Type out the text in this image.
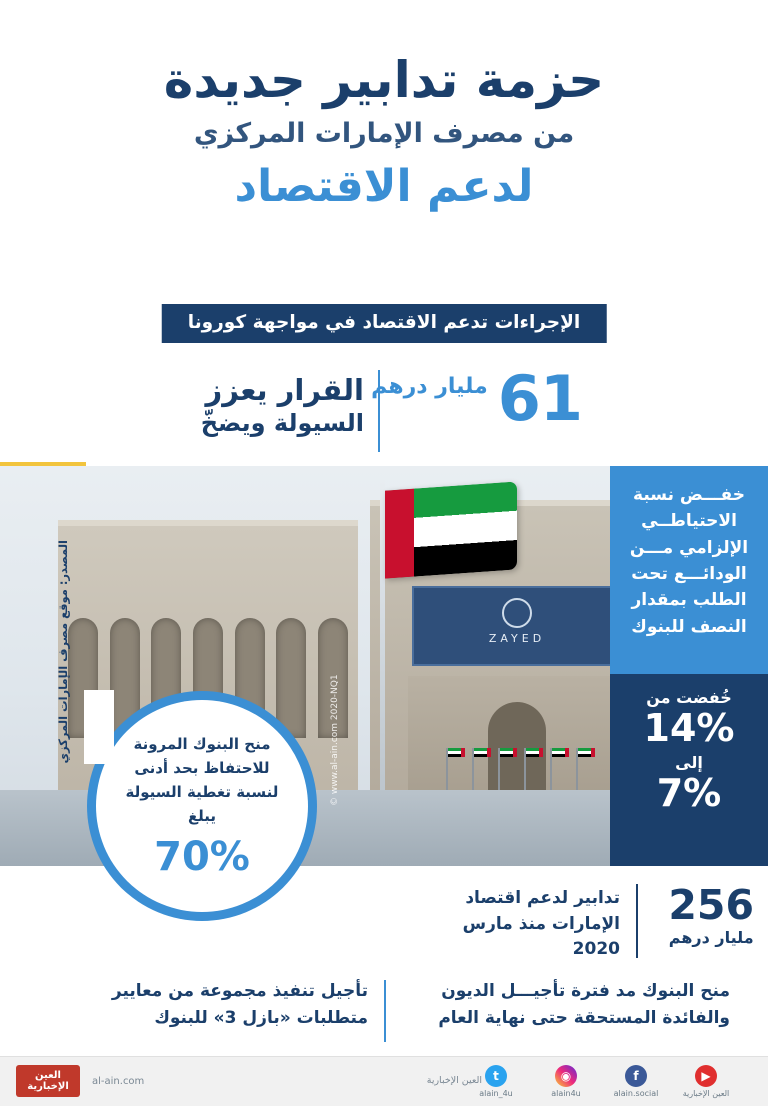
حزمة تدابير جديدة
من مصرف الإمارات المركزي
لدعم الاقتصاد
الإجراءات تدعم الاقتصاد في مواجهة كورونا
القرار يعزز
السيولة ويضخّ 61
مليار درهم
ZAYED
© www.al-ain.com 2020-NQ1
المصدر: موقع مصرف الإمارات المركزي
خفـــض نسبة الاحتياطــي الإلزامي مـــن الودائـــع تحت الطلب بمقدار النصف للبنوك
خُفضت من
14%
إلى
7%
منح البنوك المرونة للاحتفاظ بحد أدنى لنسبة تغطية السيولة يبلغ
70%
256
مليار درهم
تدابير لدعم اقتصاد الإمارات منذ مارس 2020
منح البنوك مد فترة تأجيـــل الديون والفائدة المستحقة حتى نهاية العام
تأجيل تنفيذ مجموعة من معايير متطلبات «بازل 3» للبنوك
t
alain_4u
◉
alain4u
f
alain.social
▶
العين الإخبارية
العين الإخبارية
al-ain.com
العين الإخبارية
